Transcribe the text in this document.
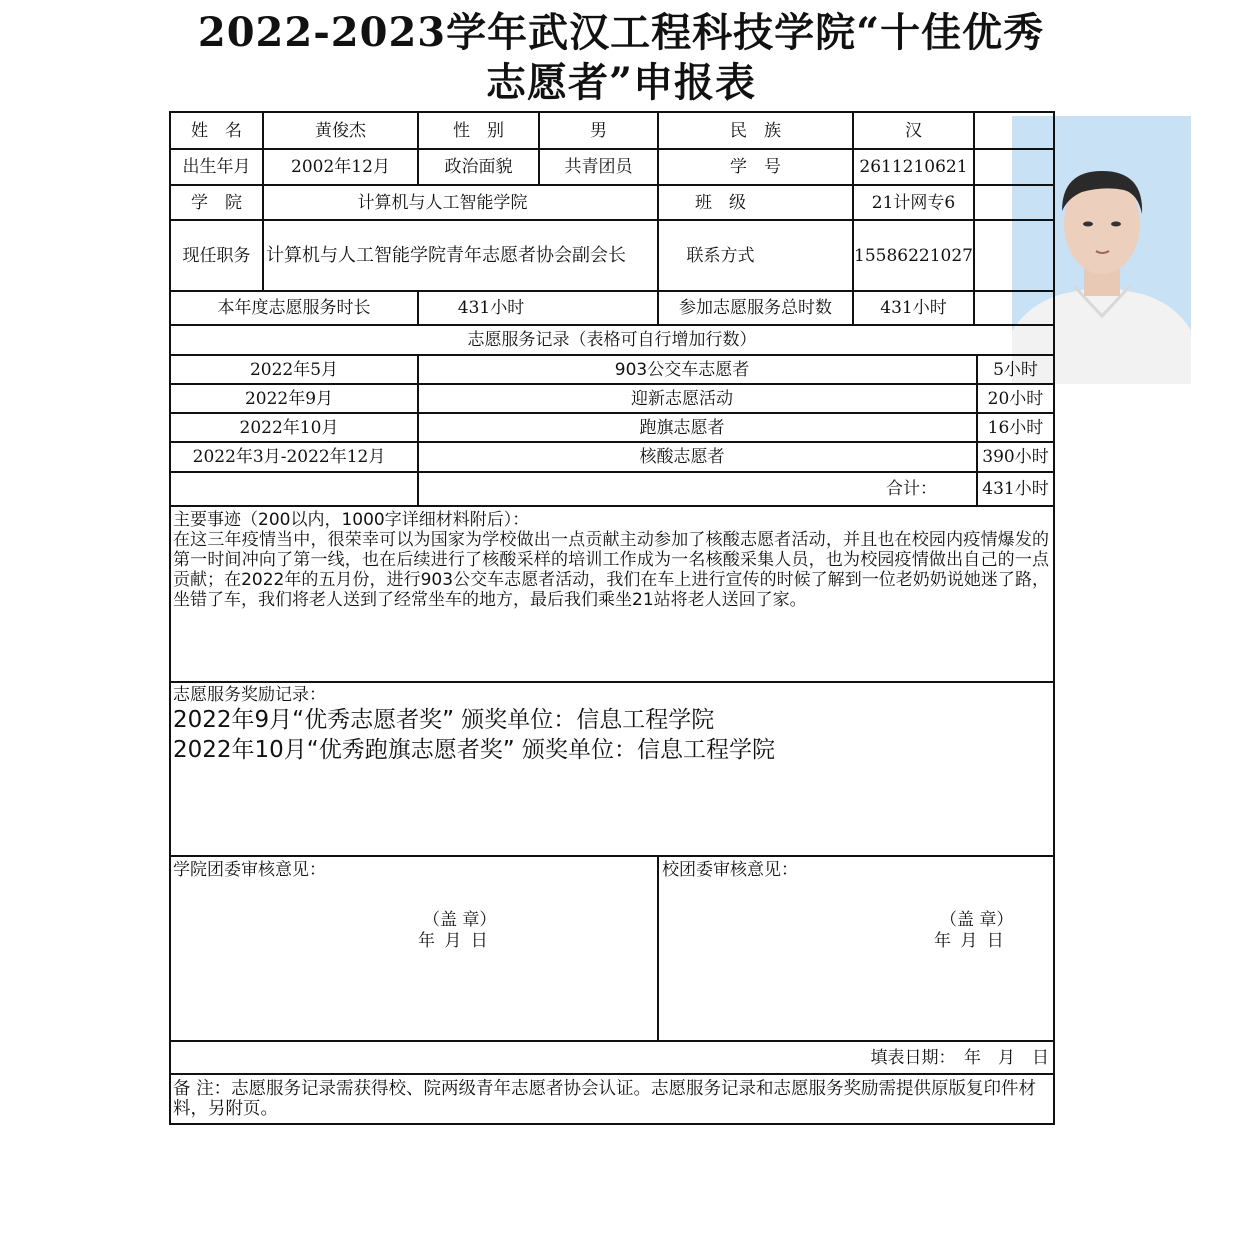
2022-2023学年武汉工程科技学院“十佳优秀
志愿者”申报表
姓　名	黄俊杰	性　别	男	民　族	汉
出生年月	2002年12月	政治面貌	共青团员	学　号	2611210621
学　院	计算机与人工智能学院	班　级	21计网专6
现任职务 计算机与人工智能学院青年志愿者协会副会长	联系方式	15586221027
本年度志愿服务时长	431小时	参加志愿服务总时数	431小时
志愿服务记录（表格可自行增加行数）
2022年5月	903公交车志愿者	5小时
2022年9月	迎新志愿活动	20小时
2022年10月	跑旗志愿者	16小时
2022年3月-2022年12月	核酸志愿者	390小时
合计：	431小时
主要事迹（200以内，1000字详细材料附后）：
在这三年疫情当中，很荣幸可以为国家为学校做出一点贡献主动参加了核酸志愿者活动，并且也在校园内疫情爆发的第一时间冲向了第一线，也在后续进行了核酸采样的培训工作成为一名核酸采集人员，也为校园疫情做出自己的一点贡献；在2022年的五月份，进行903公交车志愿者活动，我们在车上进行宣传的时候了解到一位老奶奶说她迷了路，坐错了车，我们将老人送到了经常坐车的地方，最后我们乘坐21站将老人送回了家。
志愿服务奖励记录：
2022年9月“优秀志愿者奖” 颁奖单位：信息工程学院
2022年10月“优秀跑旗志愿者奖” 颁奖单位：信息工程学院
学院团委审核意见：
（盖 章）
年 月 日
校团委审核意见：
（盖 章）
年 月 日
填表日期：　年　月　日
备 注：志愿服务记录需获得校、院两级青年志愿者协会认证。志愿服务记录和志愿服务奖励需提供原版复印件材料，另附页。
